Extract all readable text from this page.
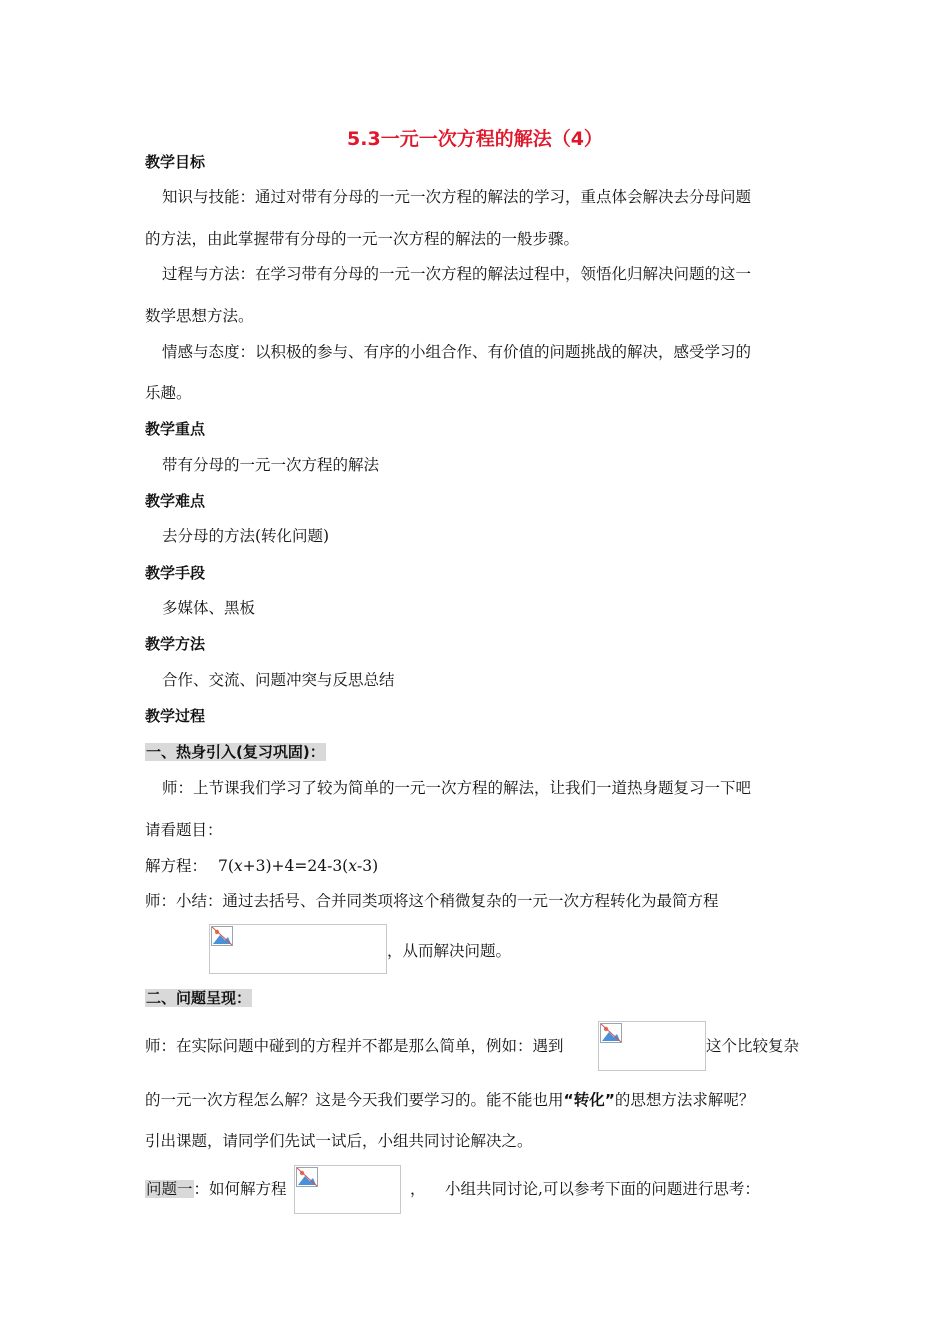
5.3一元一次方程的解法（4）
教学目标
知识与技能：通过对带有分母的一元一次方程的解法的学习，重点体会解决去分母问题
的方法，由此掌握带有分母的一元一次方程的解法的一般步骤。
过程与方法：在学习带有分母的一元一次方程的解法过程中，领悟化归解决问题的这一
数学思想方法。
情感与态度：以积极的参与、有序的小组合作、有价值的问题挑战的解决，感受学习的
乐趣。
教学重点
带有分母的一元一次方程的解法
教学难点
去分母的方法(转化问题)
教学手段
多媒体、黑板
教学方法
合作、交流、问题冲突与反思总结
教学过程
一、热身引入(复习巩固)：
师：上节课我们学习了较为简单的一元一次方程的解法，让我们一道热身题复习一下吧
请看题目：
解方程： 7(x+3)+4=24-3(x-3)
师：小结：通过去括号、合并同类项将这个稍微复杂的一元一次方程转化为最简方程
，从而解决问题。
二、问题呈现：
师：在实际问题中碰到的方程并不都是那么简单，例如：遇到	这个比较复杂
的一元一次方程怎么解？这是今天我们要学习的。能不能也用“转化”的思想方法求解呢？
引出课题，请同学们先试一试后，小组共同讨论解决之。
问题一：如何解方程	， 小组共同讨论,可以参考下面的问题进行思考：
